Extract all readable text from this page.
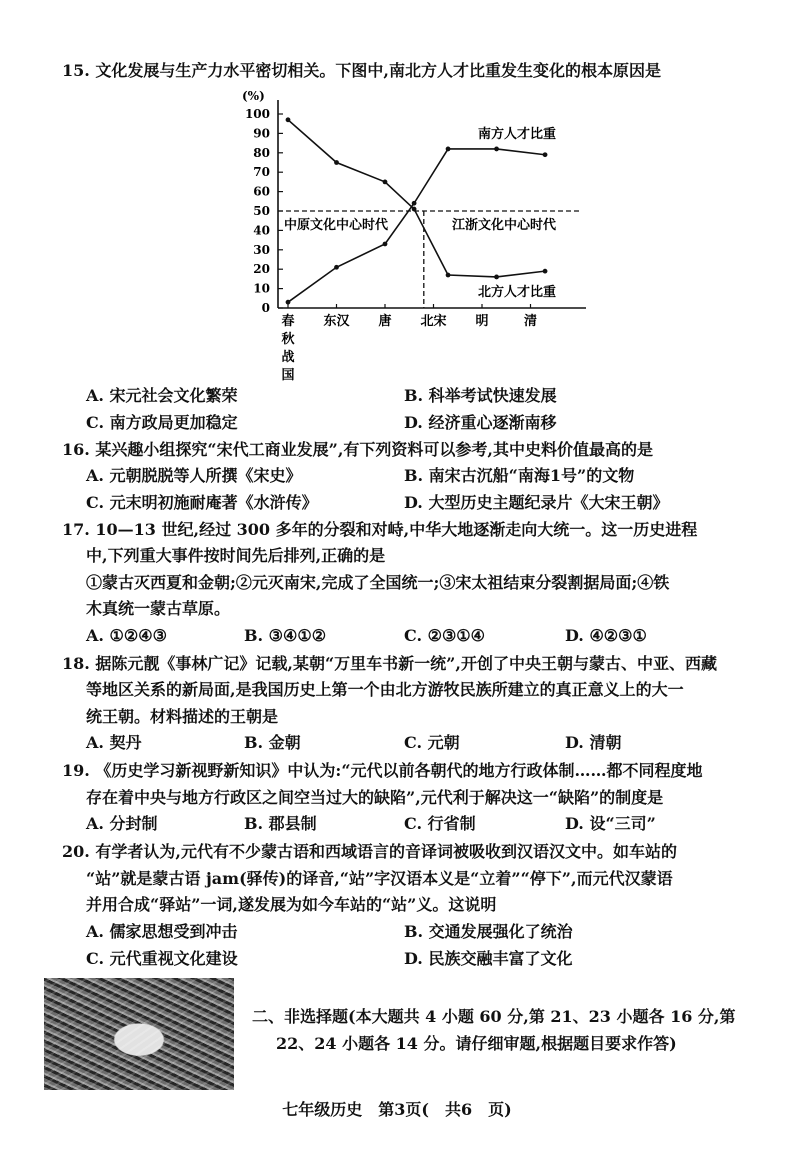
15. 文化发展与生产力水平密切相关。下图中,南北方人才比重发生变化的根本原因是
(%)
100
90
80
70
60
50
40
30
20
10
0
春
秋
战
国
东汉 唐 北宋 明	清
南方人才比重
北方人才比重
中原文化中心时代	江浙文化中心时代
A. 宋元社会文化繁荣	B. 科举考试快速发展
C. 南方政局更加稳定	D. 经济重心逐渐南移
16. 某兴趣小组探究“宋代工商业发展”,有下列资料可以参考,其中史料价值最高的是
A. 元朝脱脱等人所撰《宋史》	B. 南宋古沉船“南海1号”的文物
C. 元末明初施耐庵著《水浒传》	D. 大型历史主题纪录片《大宋王朝》
17. 10—13 世纪,经过 300 多年的分裂和对峙,中华大地逐渐走向大统一。这一历史进程
中,下列重大事件按时间先后排列,正确的是
①蒙古灭西夏和金朝;②元灭南宋,完成了全国统一;③宋太祖结束分裂割据局面;④铁
木真统一蒙古草原。
A. ①②④③	B. ③④①②	C. ②③①④	D. ④②③①
18. 据陈元靓《事林广记》记载,某朝“万里车书新一统”,开创了中央王朝与蒙古、中亚、西藏
等地区关系的新局面,是我国历史上第一个由北方游牧民族所建立的真正意义上的大一
统王朝。材料描述的王朝是
A. 契丹	B. 金朝	C. 元朝	D. 清朝
19. 《历史学习新视野新知识》中认为:“元代以前各朝代的地方行政体制……都不同程度地
存在着中央与地方行政区之间空当过大的缺陷”,元代利于解决这一“缺陷”的制度是
A. 分封制	B. 郡县制	C. 行省制	D. 设“三司”
20. 有学者认为,元代有不少蒙古语和西域语言的音译词被吸收到汉语汉文中。如车站的
“站”就是蒙古语 jam(驿传)的译音,“站”字汉语本义是“立着”“停下”,而元代汉蒙语
并用合成“驿站”一词,遂发展为如今车站的“站”义。这说明
A. 儒家思想受到冲击	B. 交通发展强化了统治
C. 元代重视文化建设	D. 民族交融丰富了文化
二、非选择题(本大题共 4 小题 60 分,第 21、23 小题各 16 分,第
22、24 小题各 14 分。请仔细审题,根据题目要求作答)
七年级历史　第3页(　共6　页)
